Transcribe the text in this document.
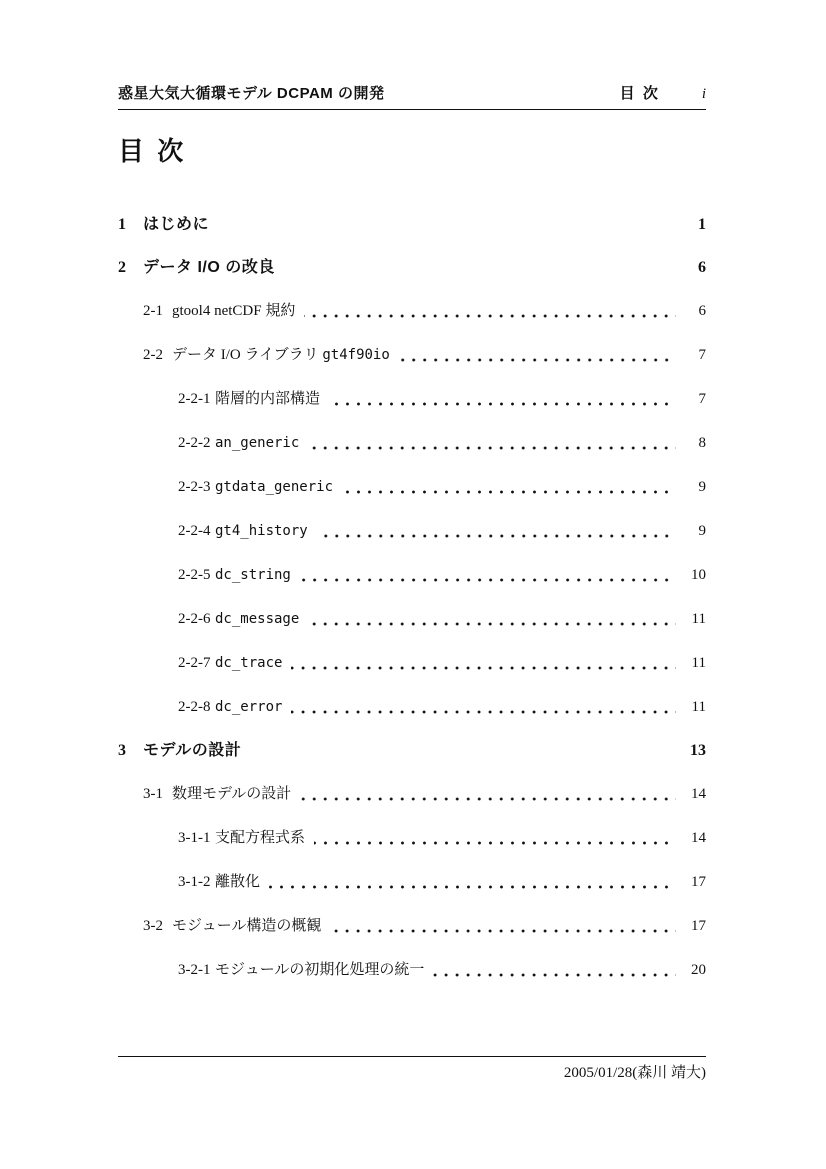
惑星大気大循環モデル DCPAM の開発	目 次	i
目 次
1	はじめに	1
2	データ I/O の改良	6
2-1 gtool4 netCDF 規約	6
2-2 データ I/O ライブラリ gt4f90io	7
2-2-1 階層的内部構造	7
2-2-2 an_generic	8
2-2-3 gtdata_generic	9
2-2-4 gt4_history	9
2-2-5 dc_string	10
2-2-6 dc_message	11
2-2-7 dc_trace	11
2-2-8 dc_error	11
3	モデルの設計	13
3-1 数理モデルの設計	14
3-1-1 支配方程式系	14
3-1-2 離散化	17
3-2 モジュール構造の概観	17
3-2-1 モジュールの初期化処理の統一	20
2005/01/28(森川 靖大)
